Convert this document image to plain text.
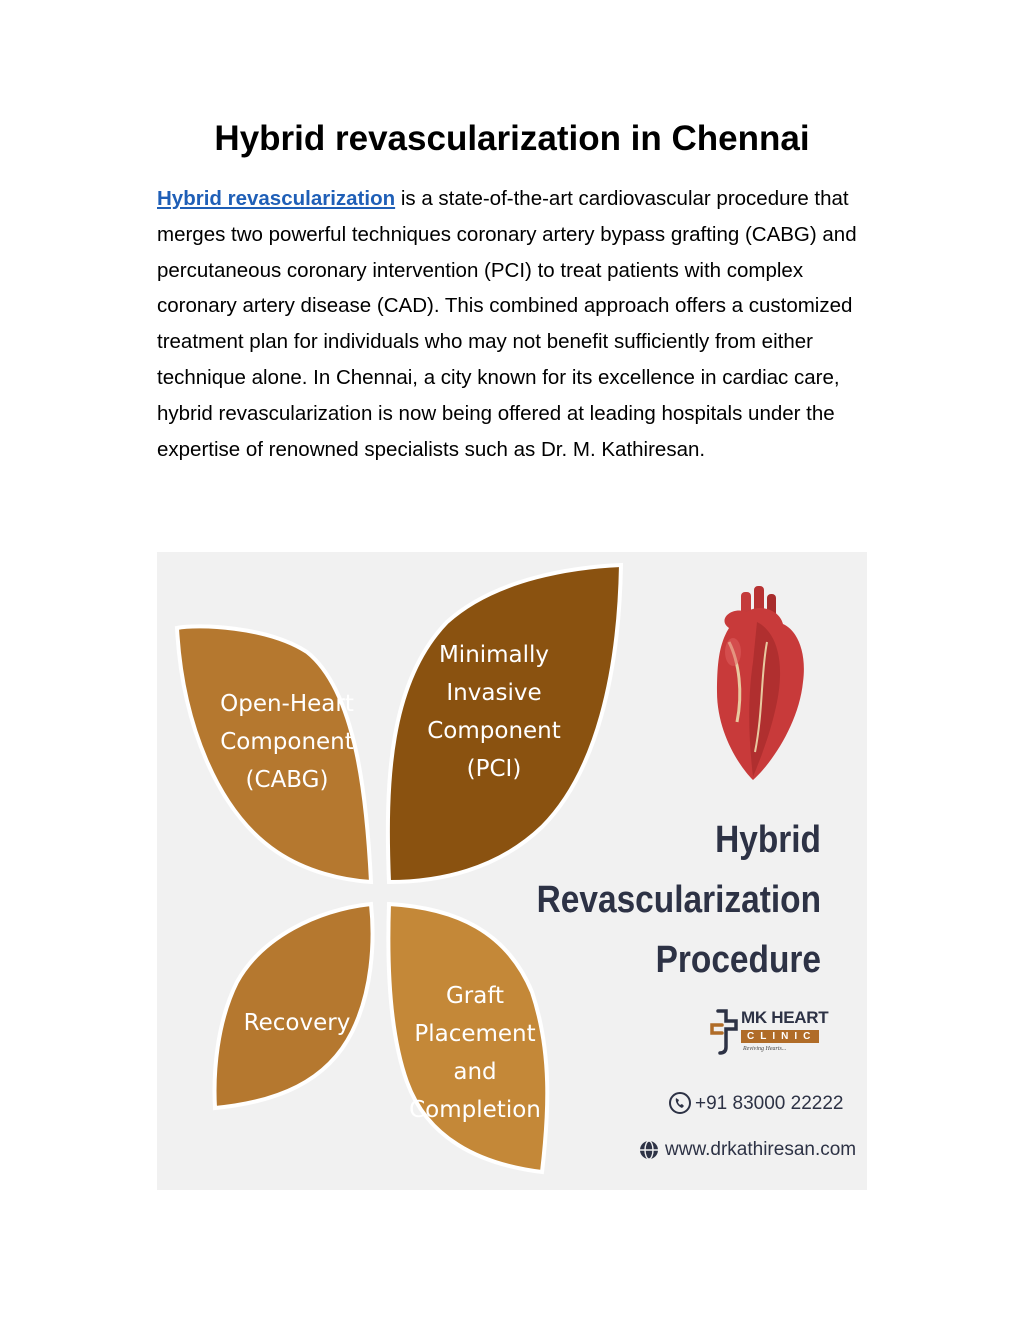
Hybrid revascularization in Chennai

Hybrid revascularization is a state-of-the-art cardiovascular procedure that merges two powerful techniques coronary artery bypass grafting (CABG) and percutaneous coronary intervention (PCI) to treat patients with complex coronary artery disease (CAD). This combined approach offers a customized treatment plan for individuals who may not benefit sufficiently from either technique alone. In Chennai, a city known for its excellence in cardiac care, hybrid revascularization is now being offered at leading hospitals under the expertise of renowned specialists such as Dr. M. Kathiresan.

Open-Heart
Component
(CABG)
Minimally
Invasive
Component
(PCI)
Recovery
Graft
Placement
and
Completion
Hybrid
Revascularization
Procedure
MK HEART
CLINIC
Reviving Hearts...
+91 83000 22222
www.drkathiresan.com
